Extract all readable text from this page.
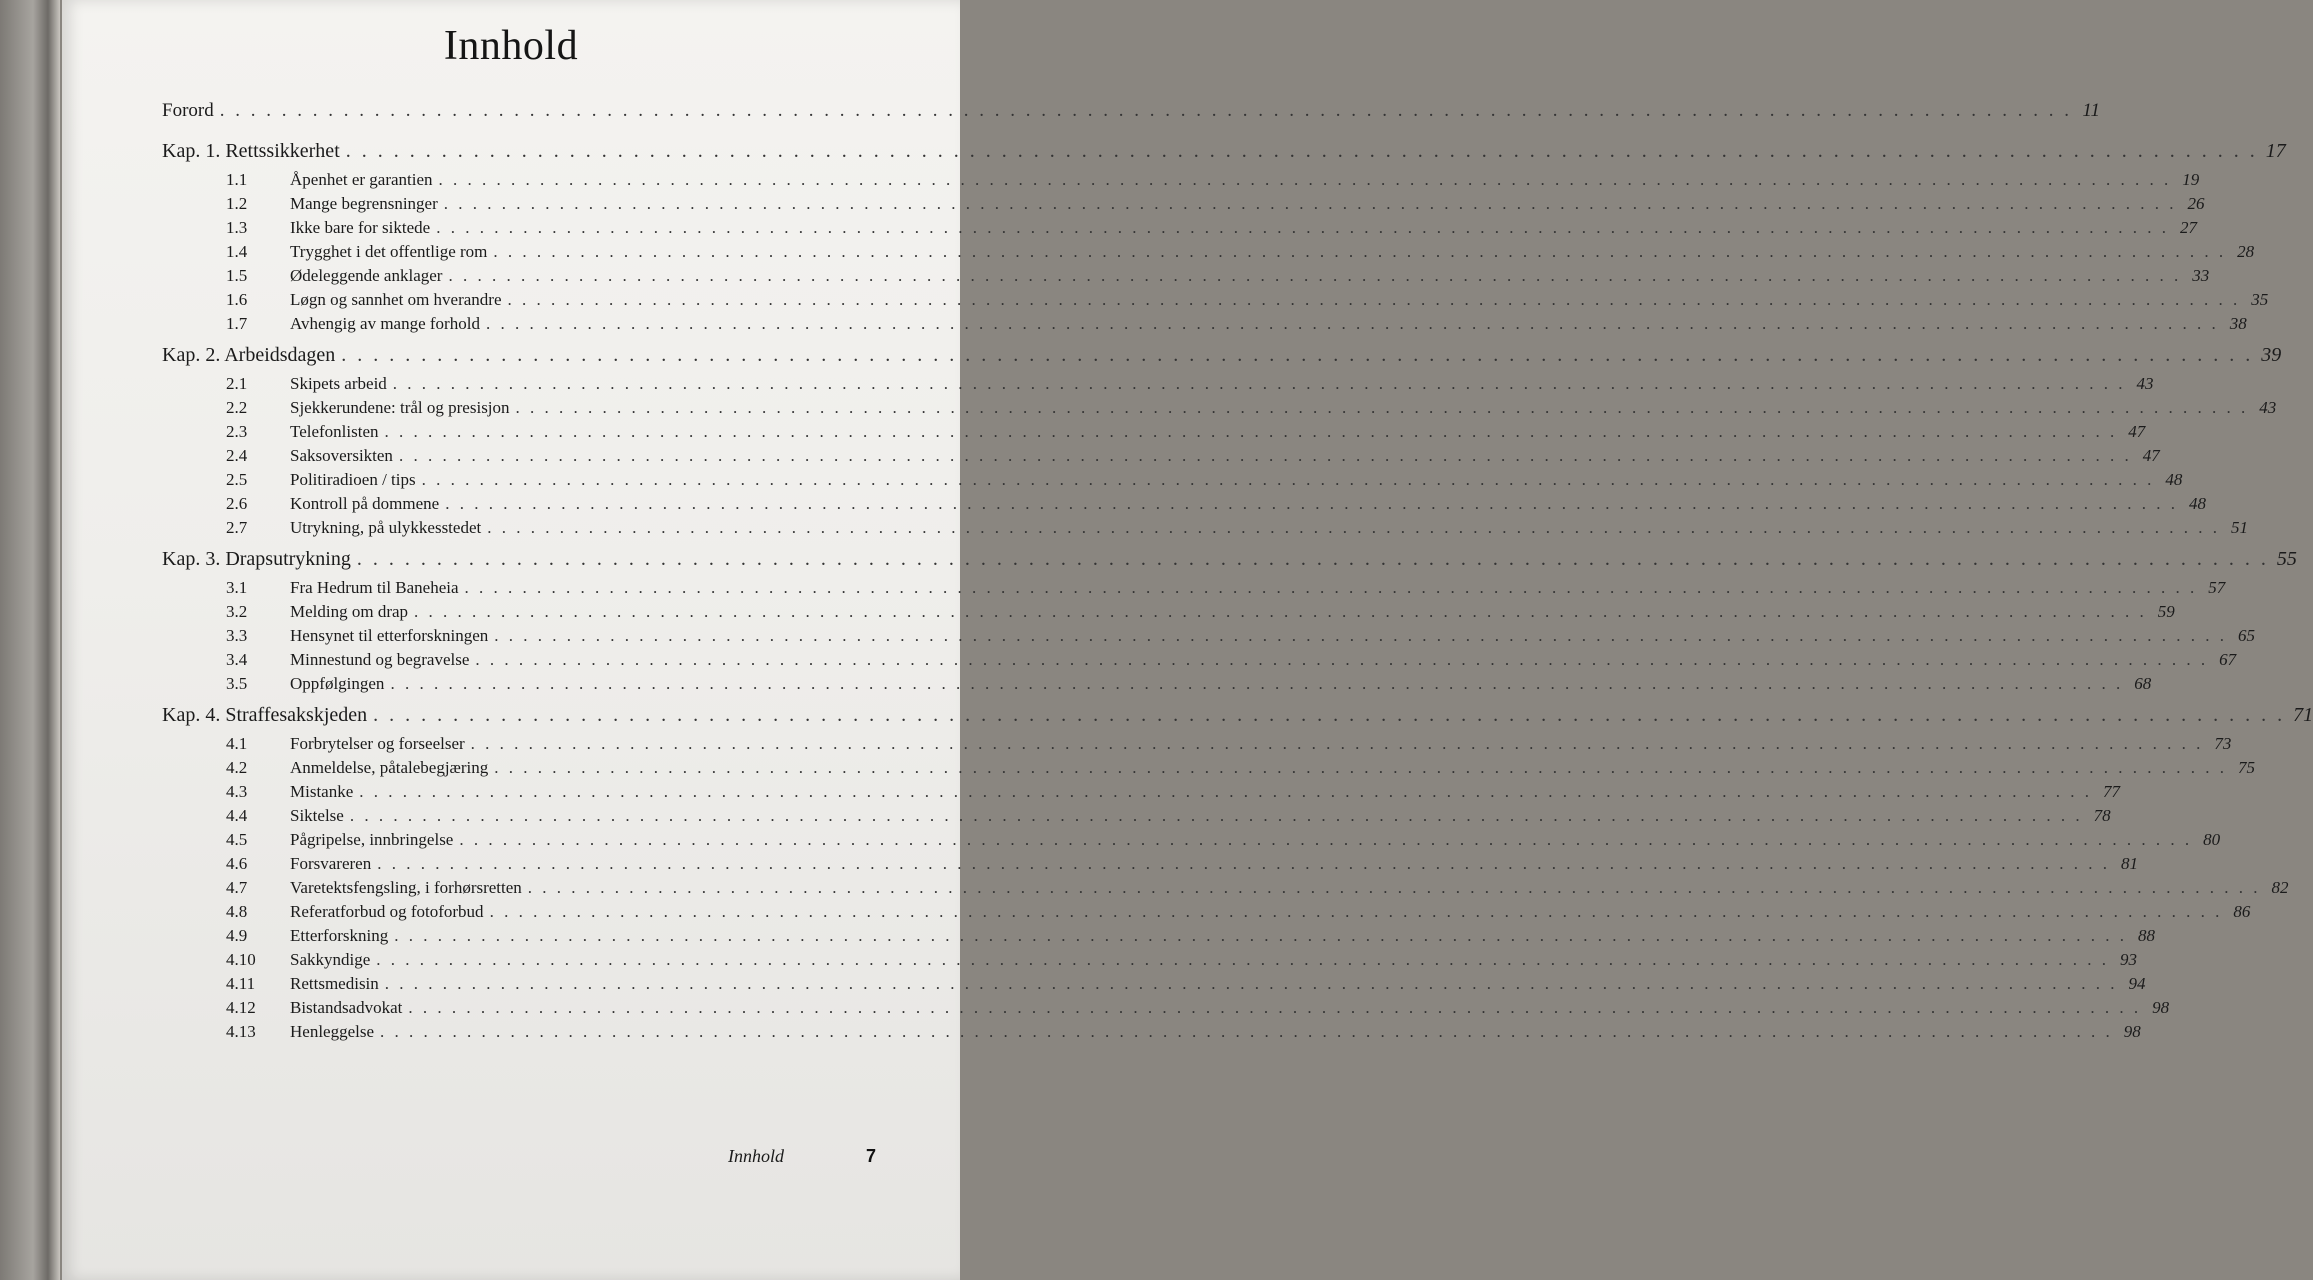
Innhold
Forord . . . . . . . . . . . . . . . . . . . . . . . . . . . . . . . . . . . . . . . . . . . . . . . . . . . . . . . . . . . . . . . . . . . . . . . . . . . . . . . . . . . . . . . . . . . . . . . . . . . . . . . . . . . . . . . . . . . . . . . . 11
Kap. 1. Rettssikkerhet . . . . . . . . . . . . . . . . . . . . . . . . . . . . . . . . . . . . . . . . . . . . . . . . . . . . . . . . . . . . . . . . . . . . . . . . . . . . . . . . . . . . . . . . . . . . . . . . . . . . . . . . . . . . . . . . . . . . . . . . 17
1.1	Åpenhet er garantien . . . . . . . . . . . . . . . . . . . . . . . . . . . . . . . . . . . . . . . . . . . . . . . . . . . . . . . . . . . . . . . . . . . . . . . . . . . . . . . . . . . . . . . . . . . . . . . . . . . . . . . . . . . . . . . . . . . . . . . . 19
1.2	Mange begrensninger . . . . . . . . . . . . . . . . . . . . . . . . . . . . . . . . . . . . . . . . . . . . . . . . . . . . . . . . . . . . . . . . . . . . . . . . . . . . . . . . . . . . . . . . . . . . . . . . . . . . . . . . . . . . . . . . . . . . . . . . 26
1.3	Ikke bare for siktede . . . . . . . . . . . . . . . . . . . . . . . . . . . . . . . . . . . . . . . . . . . . . . . . . . . . . . . . . . . . . . . . . . . . . . . . . . . . . . . . . . . . . . . . . . . . . . . . . . . . . . . . . . . . . . . . . . . . . . . . 27
1.4	Trygghet i det offentlige rom . . . . . . . . . . . . . . . . . . . . . . . . . . . . . . . . . . . . . . . . . . . . . . . . . . . . . . . . . . . . . . . . . . . . . . . . . . . . . . . . . . . . . . . . . . . . . . . . . . . . . . . . . . . . . . . . . . . . . . . . 28
1.5	Ødeleggende anklager . . . . . . . . . . . . . . . . . . . . . . . . . . . . . . . . . . . . . . . . . . . . . . . . . . . . . . . . . . . . . . . . . . . . . . . . . . . . . . . . . . . . . . . . . . . . . . . . . . . . . . . . . . . . . . . . . . . . . . . . 33
1.6	Løgn og sannhet om hverandre . . . . . . . . . . . . . . . . . . . . . . . . . . . . . . . . . . . . . . . . . . . . . . . . . . . . . . . . . . . . . . . . . . . . . . . . . . . . . . . . . . . . . . . . . . . . . . . . . . . . . . . . . . . . . . . . . . . . . . . . 35
1.7	Avhengig av mange forhold . . . . . . . . . . . . . . . . . . . . . . . . . . . . . . . . . . . . . . . . . . . . . . . . . . . . . . . . . . . . . . . . . . . . . . . . . . . . . . . . . . . . . . . . . . . . . . . . . . . . . . . . . . . . . . . . . . . . . . . . 38
Kap. 2. Arbeidsdagen . . . . . . . . . . . . . . . . . . . . . . . . . . . . . . . . . . . . . . . . . . . . . . . . . . . . . . . . . . . . . . . . . . . . . . . . . . . . . . . . . . . . . . . . . . . . . . . . . . . . . . . . . . . . . . . . . . . . . . . . 39
2.1	Skipets arbeid . . . . . . . . . . . . . . . . . . . . . . . . . . . . . . . . . . . . . . . . . . . . . . . . . . . . . . . . . . . . . . . . . . . . . . . . . . . . . . . . . . . . . . . . . . . . . . . . . . . . . . . . . . . . . . . . . . . . . . . . 43
2.2	Sjekkerundene: trål og presisjon . . . . . . . . . . . . . . . . . . . . . . . . . . . . . . . . . . . . . . . . . . . . . . . . . . . . . . . . . . . . . . . . . . . . . . . . . . . . . . . . . . . . . . . . . . . . . . . . . . . . . . . . . . . . . . . . . . . . . . . . 43
2.3	Telefonlisten . . . . . . . . . . . . . . . . . . . . . . . . . . . . . . . . . . . . . . . . . . . . . . . . . . . . . . . . . . . . . . . . . . . . . . . . . . . . . . . . . . . . . . . . . . . . . . . . . . . . . . . . . . . . . . . . . . . . . . . . 47
2.4	Saksoversikten . . . . . . . . . . . . . . . . . . . . . . . . . . . . . . . . . . . . . . . . . . . . . . . . . . . . . . . . . . . . . . . . . . . . . . . . . . . . . . . . . . . . . . . . . . . . . . . . . . . . . . . . . . . . . . . . . . . . . . . . 47
2.5	Politiradioen / tips . . . . . . . . . . . . . . . . . . . . . . . . . . . . . . . . . . . . . . . . . . . . . . . . . . . . . . . . . . . . . . . . . . . . . . . . . . . . . . . . . . . . . . . . . . . . . . . . . . . . . . . . . . . . . . . . . . . . . . . . 48
2.6	Kontroll på dommene . . . . . . . . . . . . . . . . . . . . . . . . . . . . . . . . . . . . . . . . . . . . . . . . . . . . . . . . . . . . . . . . . . . . . . . . . . . . . . . . . . . . . . . . . . . . . . . . . . . . . . . . . . . . . . . . . . . . . . . . 48
2.7	Utrykning, på ulykkesstedet . . . . . . . . . . . . . . . . . . . . . . . . . . . . . . . . . . . . . . . . . . . . . . . . . . . . . . . . . . . . . . . . . . . . . . . . . . . . . . . . . . . . . . . . . . . . . . . . . . . . . . . . . . . . . . . . . . . . . . . . 51
Kap. 3. Drapsutrykning . . . . . . . . . . . . . . . . . . . . . . . . . . . . . . . . . . . . . . . . . . . . . . . . . . . . . . . . . . . . . . . . . . . . . . . . . . . . . . . . . . . . . . . . . . . . . . . . . . . . . . . . . . . . . . . . . . . . . . . . 55
3.1	Fra Hedrum til Baneheia . . . . . . . . . . . . . . . . . . . . . . . . . . . . . . . . . . . . . . . . . . . . . . . . . . . . . . . . . . . . . . . . . . . . . . . . . . . . . . . . . . . . . . . . . . . . . . . . . . . . . . . . . . . . . . . . . . . . . . . . 57
3.2	Melding om drap . . . . . . . . . . . . . . . . . . . . . . . . . . . . . . . . . . . . . . . . . . . . . . . . . . . . . . . . . . . . . . . . . . . . . . . . . . . . . . . . . . . . . . . . . . . . . . . . . . . . . . . . . . . . . . . . . . . . . . . . 59
3.3	Hensynet til etterforskningen . . . . . . . . . . . . . . . . . . . . . . . . . . . . . . . . . . . . . . . . . . . . . . . . . . . . . . . . . . . . . . . . . . . . . . . . . . . . . . . . . . . . . . . . . . . . . . . . . . . . . . . . . . . . . . . . . . . . . . . . 65
3.4	Minnestund og begravelse . . . . . . . . . . . . . . . . . . . . . . . . . . . . . . . . . . . . . . . . . . . . . . . . . . . . . . . . . . . . . . . . . . . . . . . . . . . . . . . . . . . . . . . . . . . . . . . . . . . . . . . . . . . . . . . . . . . . . . . . 67
3.5	Oppfølgingen . . . . . . . . . . . . . . . . . . . . . . . . . . . . . . . . . . . . . . . . . . . . . . . . . . . . . . . . . . . . . . . . . . . . . . . . . . . . . . . . . . . . . . . . . . . . . . . . . . . . . . . . . . . . . . . . . . . . . . . . 68
Kap. 4. Straffesakskjeden . . . . . . . . . . . . . . . . . . . . . . . . . . . . . . . . . . . . . . . . . . . . . . . . . . . . . . . . . . . . . . . . . . . . . . . . . . . . . . . . . . . . . . . . . . . . . . . . . . . . . . . . . . . . . . . . . . . . . . . . 71
4.1	Forbrytelser og forseelser . . . . . . . . . . . . . . . . . . . . . . . . . . . . . . . . . . . . . . . . . . . . . . . . . . . . . . . . . . . . . . . . . . . . . . . . . . . . . . . . . . . . . . . . . . . . . . . . . . . . . . . . . . . . . . . . . . . . . . . . 73
4.2	Anmeldelse, påtalebegjæring . . . . . . . . . . . . . . . . . . . . . . . . . . . . . . . . . . . . . . . . . . . . . . . . . . . . . . . . . . . . . . . . . . . . . . . . . . . . . . . . . . . . . . . . . . . . . . . . . . . . . . . . . . . . . . . . . . . . . . . . 75
4.3	Mistanke . . . . . . . . . . . . . . . . . . . . . . . . . . . . . . . . . . . . . . . . . . . . . . . . . . . . . . . . . . . . . . . . . . . . . . . . . . . . . . . . . . . . . . . . . . . . . . . . . . . . . . . . . . . . . . . . . . . . . . . . 77
4.4	Siktelse . . . . . . . . . . . . . . . . . . . . . . . . . . . . . . . . . . . . . . . . . . . . . . . . . . . . . . . . . . . . . . . . . . . . . . . . . . . . . . . . . . . . . . . . . . . . . . . . . . . . . . . . . . . . . . . . . . . . . . . . 78
4.5	Pågripelse, innbringelse . . . . . . . . . . . . . . . . . . . . . . . . . . . . . . . . . . . . . . . . . . . . . . . . . . . . . . . . . . . . . . . . . . . . . . . . . . . . . . . . . . . . . . . . . . . . . . . . . . . . . . . . . . . . . . . . . . . . . . . . 80
4.6	Forsvareren . . . . . . . . . . . . . . . . . . . . . . . . . . . . . . . . . . . . . . . . . . . . . . . . . . . . . . . . . . . . . . . . . . . . . . . . . . . . . . . . . . . . . . . . . . . . . . . . . . . . . . . . . . . . . . . . . . . . . . . . 81
4.7	Varetektsfengsling, i forhørsretten . . . . . . . . . . . . . . . . . . . . . . . . . . . . . . . . . . . . . . . . . . . . . . . . . . . . . . . . . . . . . . . . . . . . . . . . . . . . . . . . . . . . . . . . . . . . . . . . . . . . . . . . . . . . . . . . . . . . . . . . 82
4.8	Referatforbud og fotoforbud . . . . . . . . . . . . . . . . . . . . . . . . . . . . . . . . . . . . . . . . . . . . . . . . . . . . . . . . . . . . . . . . . . . . . . . . . . . . . . . . . . . . . . . . . . . . . . . . . . . . . . . . . . . . . . . . . . . . . . . . 86
4.9	Etterforskning . . . . . . . . . . . . . . . . . . . . . . . . . . . . . . . . . . . . . . . . . . . . . . . . . . . . . . . . . . . . . . . . . . . . . . . . . . . . . . . . . . . . . . . . . . . . . . . . . . . . . . . . . . . . . . . . . . . . . . . . 88
4.10	Sakkyndige . . . . . . . . . . . . . . . . . . . . . . . . . . . . . . . . . . . . . . . . . . . . . . . . . . . . . . . . . . . . . . . . . . . . . . . . . . . . . . . . . . . . . . . . . . . . . . . . . . . . . . . . . . . . . . . . . . . . . . . . 93
4.11	Rettsmedisin . . . . . . . . . . . . . . . . . . . . . . . . . . . . . . . . . . . . . . . . . . . . . . . . . . . . . . . . . . . . . . . . . . . . . . . . . . . . . . . . . . . . . . . . . . . . . . . . . . . . . . . . . . . . . . . . . . . . . . . . 94
4.12	Bistandsadvokat . . . . . . . . . . . . . . . . . . . . . . . . . . . . . . . . . . . . . . . . . . . . . . . . . . . . . . . . . . . . . . . . . . . . . . . . . . . . . . . . . . . . . . . . . . . . . . . . . . . . . . . . . . . . . . . . . . . . . . . . 98
4.13	Henleggelse . . . . . . . . . . . . . . . . . . . . . . . . . . . . . . . . . . . . . . . . . . . . . . . . . . . . . . . . . . . . . . . . . . . . . . . . . . . . . . . . . . . . . . . . . . . . . . . . . . . . . . . . . . . . . . . . . . . . . . . . 98
Innhold	7
